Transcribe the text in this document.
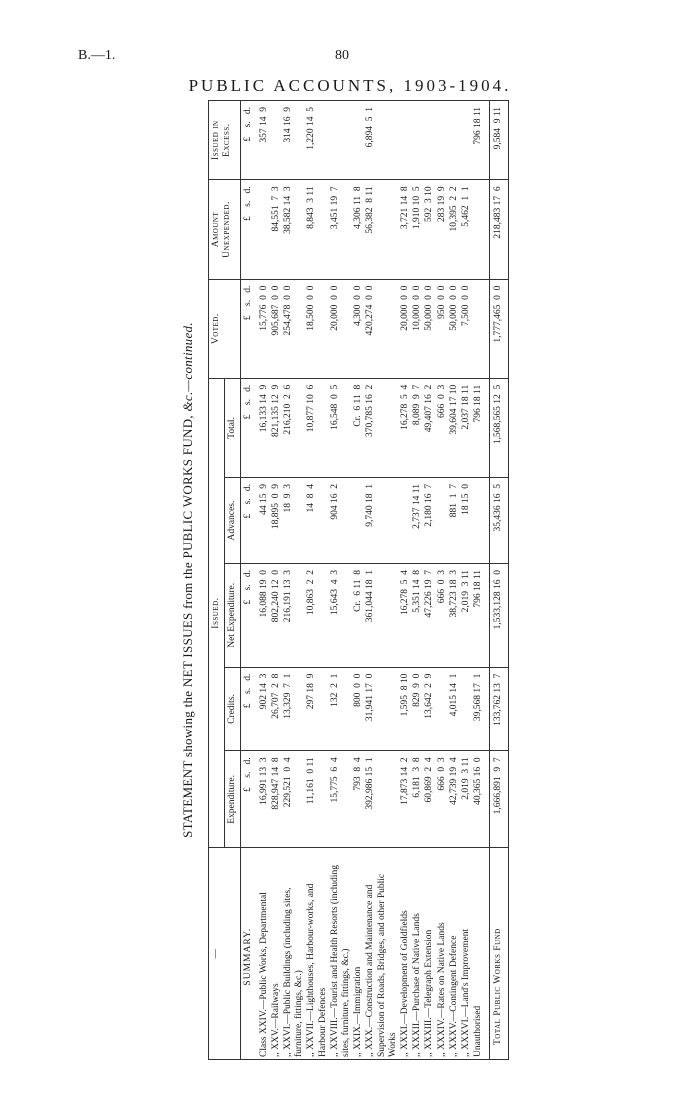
B.—1.	80
PUBLIC ACCOUNTS, 1903-1904.
STATEMENT showing the NET ISSUES from the PUBLIC WORKS FUND, &c.—continued.
—	Issued.					Voted.	Amount Unexpended.	Issued in Excess.
	Expenditure.	Credits.	Net Expenditure.	Advances.	Total.			
SUMMARY.	£    s.   d.	£    s.   d.	£    s.   d.	£    s.   d.	£    s.   d.	£    s.   d.	£    s.   d.	£    s.   d.
Class XXIV.—Public Works, Departmental	16,991 13  3	902 14  3	16,088 19  0	44 15  9	16,133 14  9	15,776  0  0		357 14  9
,, XXV.—Railways	828,947 14  8	26,707  2  8	802,240 12  0	18,895  0  9	821,135 12  9	905,687  0  0	84,551  7  3	
,, XXVI.—Public Buildings (including sites, furniture, fittings, &c.)	229,521  0  4	13,329  7  1	216,191 13  3	18  9  3	216,210  2  6	254,478  0  0	38,582 14  3	314 16  9
,, XXVII.—Lighthouses, Harbour-works, and Harbour Defences	11,161  0 11	297 18  9	10,863  2  2	14  8  4	10,877 10  6	18,500  0  0	8,843  3 11	1,220 14  5
,, XXVIII.—Tourist and Health Resorts (including sites, furniture, fittings, &c.)	15,775  6  4	132  2  1	15,643  4  3	904 16  2	16,548  0  5	20,000  0  0	3,451 19  7	
,, XXIX.—Immigration	793  8  4	800  0  0	Cr.  6 11  8		Cr.  6 11  8	4,300  0  0	4,306 11  8	
,, XXX.—Construction and Maintenance and Supervision of Roads, Bridges, and other Public Works	392,986 15  1	31,941 17  0	361,044 18  1	9,740 18  1	370,785 16  2	420,274  0  0	56,382  8 11	6,894  5  1
,, XXXI.—Development of Goldfields	17,873 14  2	1,595  8 10	16,278  5  4		16,278  5  4	20,000  0  0	3,721 14  8	
,, XXXII.—Purchase of Native Lands	6,181  3  8	829  9  0	5,351 14  8	2,737 14 11	8,089  9  7	10,000  0  0	1,910 10  5	
,, XXXIII.—Telegraph Extension	60,869  2  4	13,642  2  9	47,226 19  7	2,180 16  7	49,407 16  2	50,000  0  0	592  3 10	
,, XXXIV.—Rates on Native Lands	666  0  3		666  0  3		666  0  3	950  0  0	283 19  9	
,, XXXV.—Contingent Defence	42,739 19  4	4,015 14  1	38,723 18  3	881  1  7	39,604 17 10	50,000  0  0	10,395  2  2	
,, XXXVI.—Land's Improvement	2,019  3 11		2,019  3 11	18 15  0	2,037 18 11	7,500  0  0	5,462  1  1	
Unauthorised	40,365 16  0	39,568 17  1	796 18 11		796 18 11			796 18 11

Total Public Works Fund	1,666,891  9  7	133,762 13  7	1,533,128 16  0	35,436 16  5	1,568,565 12  5	1,777,465  0  0	218,483 17  6	9,584  9 11
